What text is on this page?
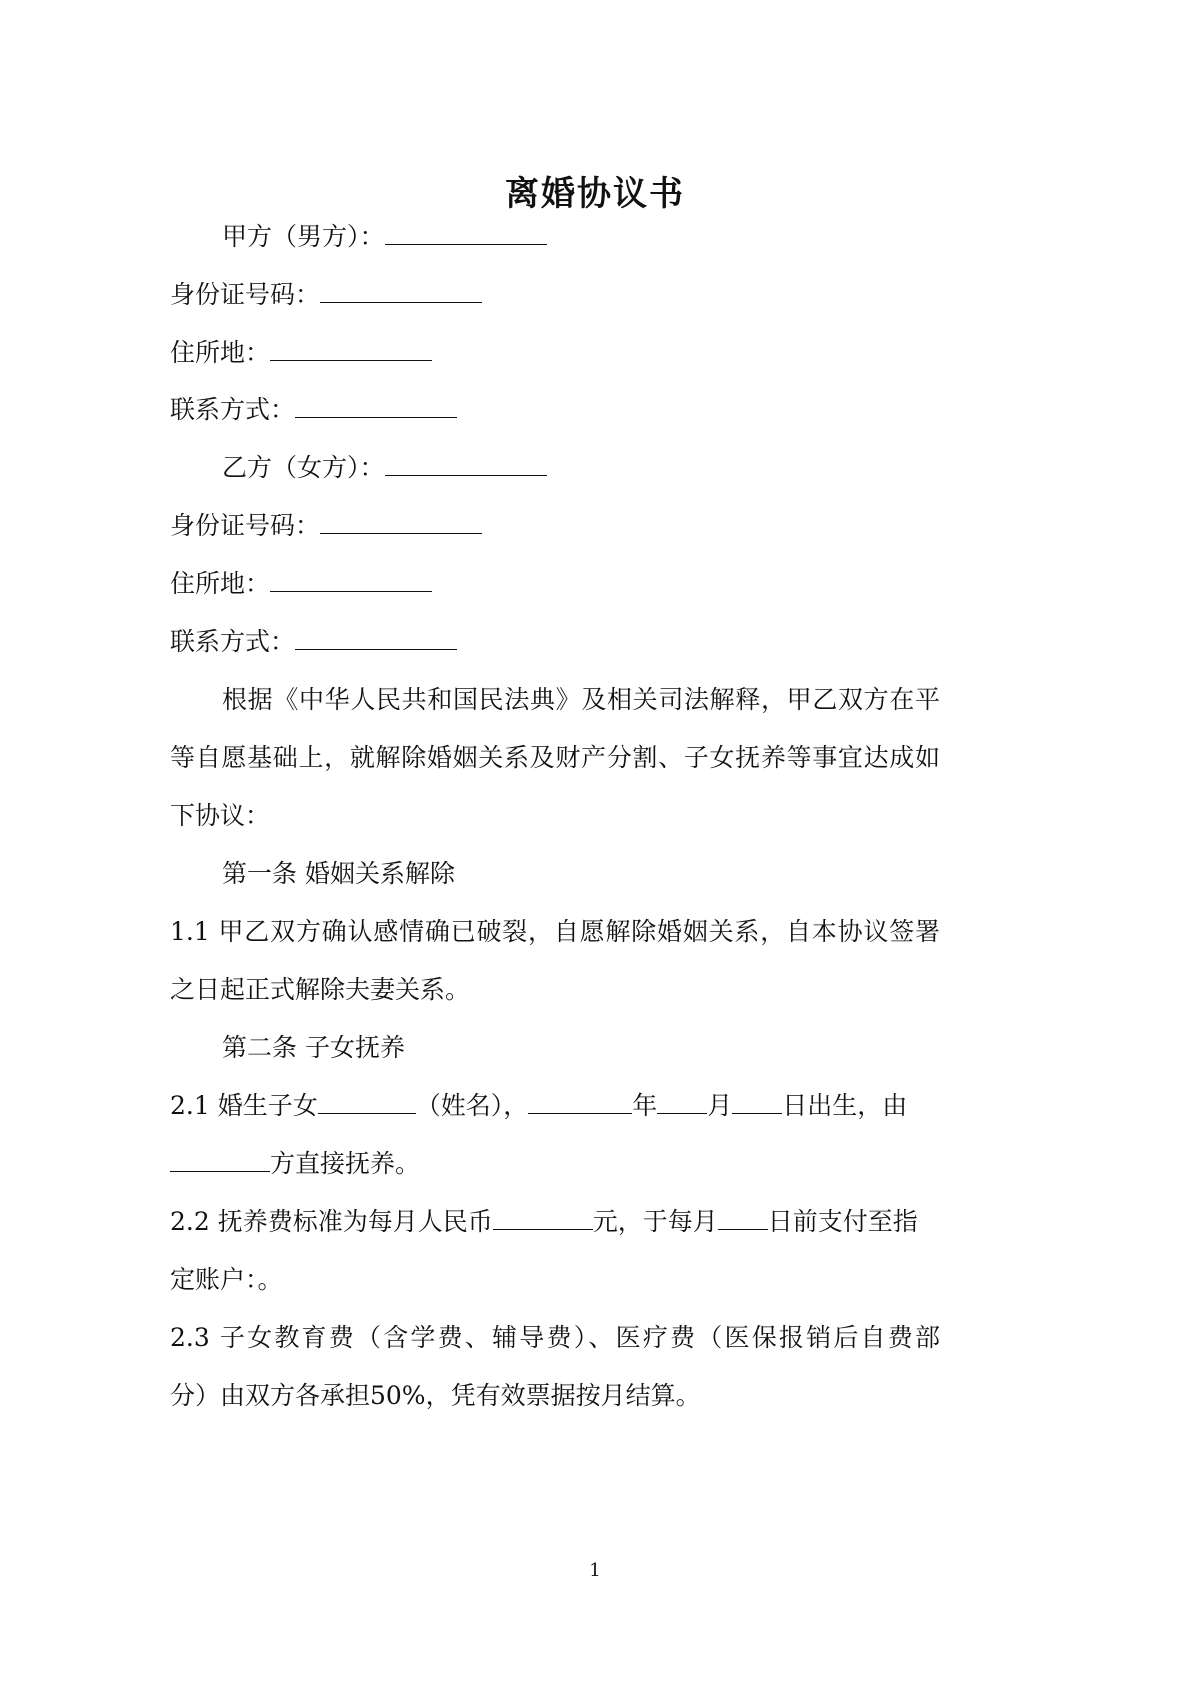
离婚协议书
甲方（男方）：
身份证号码：
住所地：
联系方式：
乙方（女方）：
身份证号码：
住所地：
联系方式：
根据《中华人民共和国民法典》及相关司法解释，甲乙双方在平
等自愿基础上，就解除婚姻关系及财产分割、子女抚养等事宜达成如
下协议：
第一条 婚姻关系解除
1.1 甲乙双方确认感情确已破裂，自愿解除婚姻关系，自本协议签署
之日起正式解除夫妻关系。
第二条 子女抚养
2.1 婚生子女	（姓名），	年 月 日出生，由
方直接抚养。
2.2 抚养费标准为每月人民币	元，于每月 日前支付至指
定账户：。
2.3 子女教育费（含学费、辅导费）、医疗费（医保报销后自费部
分）由双方各承担50%，凭有效票据按月结算。
1
